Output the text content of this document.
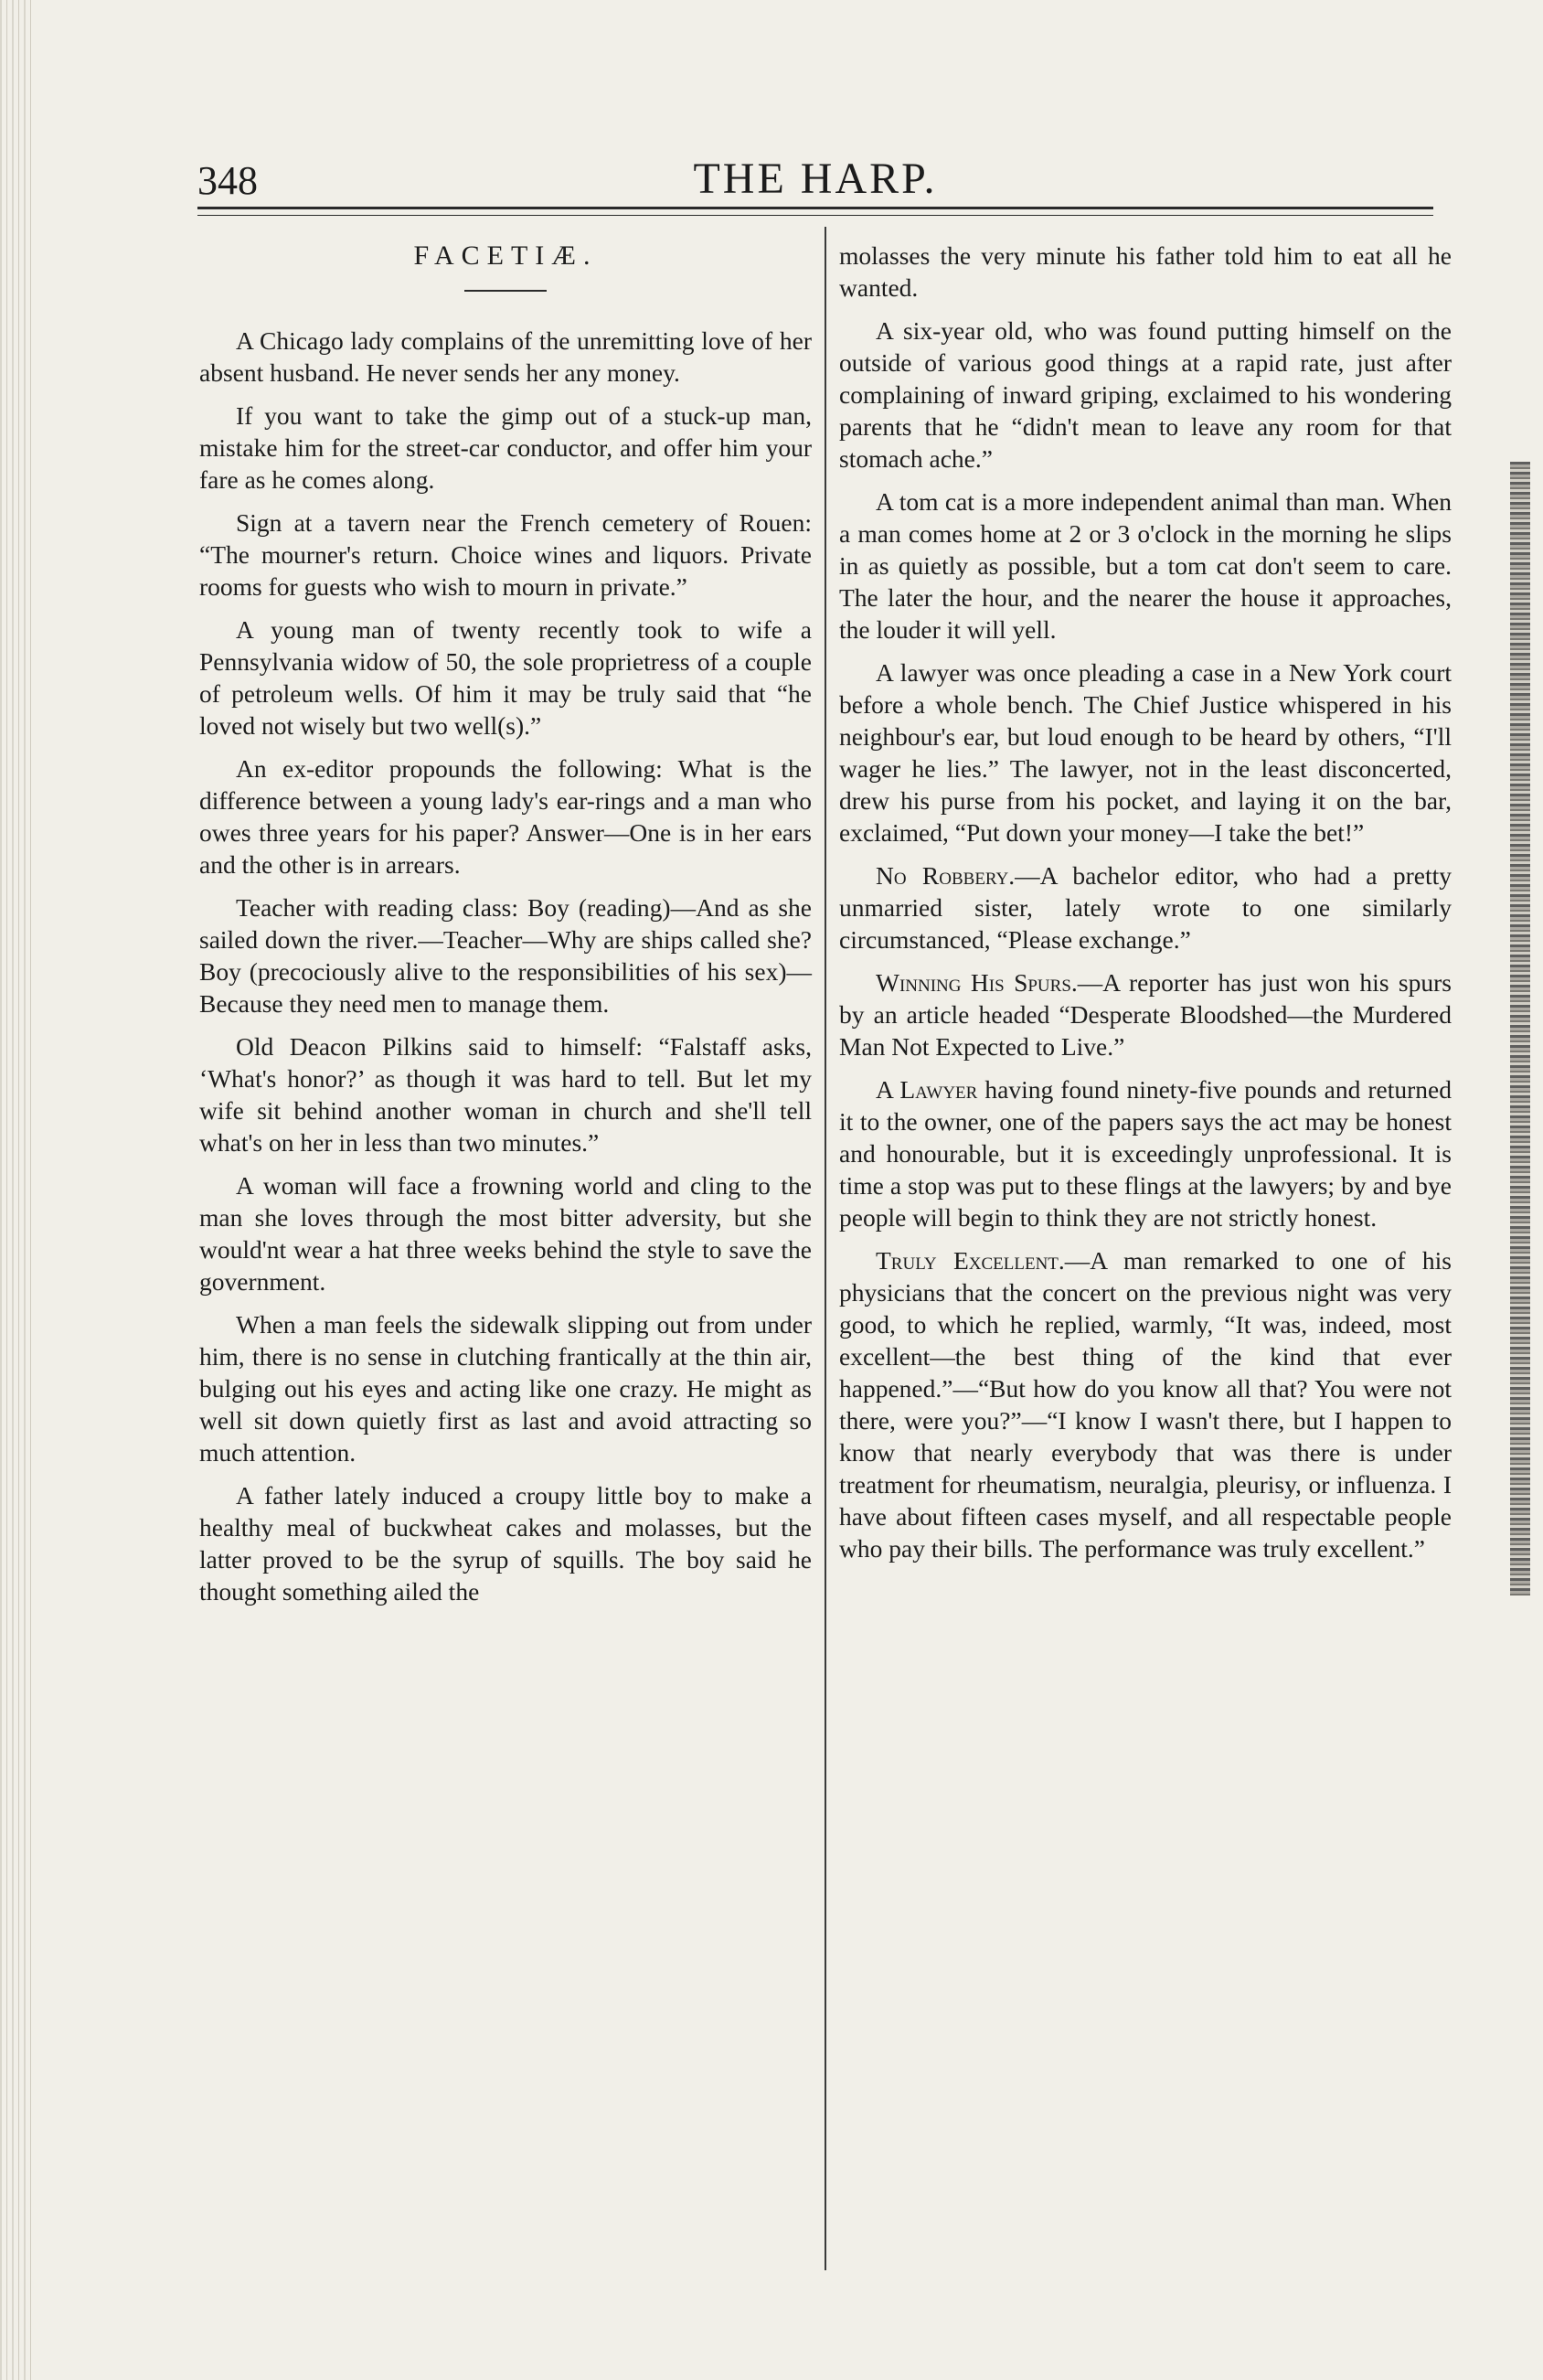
348	THE HARP.
FACETIÆ.

A Chicago lady complains of the unremitting love of her absent husband. He never sends her any money.

If you want to take the gimp out of a stuck-up man, mistake him for the street-car conductor, and offer him your fare as he comes along.

Sign at a tavern near the French cemetery of Rouen: “The mourner's return. Choice wines and liquors. Private rooms for guests who wish to mourn in private.”

A young man of twenty recently took to wife a Pennsylvania widow of 50, the sole proprietress of a couple of petroleum wells. Of him it may be truly said that “he loved not wisely but two well(s).”

An ex-editor propounds the following: What is the difference between a young lady's ear-rings and a man who owes three years for his paper? Answer—One is in her ears and the other is in arrears.

Teacher with reading class: Boy (reading)—And as she sailed down the river.—Teacher—Why are ships called she? Boy (precociously alive to the responsibilities of his sex)—Because they need men to manage them.

Old Deacon Pilkins said to himself: “Falstaff asks, ‘What's honor?’ as though it was hard to tell. But let my wife sit behind another woman in church and she'll tell what's on her in less than two minutes.”

A woman will face a frowning world and cling to the man she loves through the most bitter adversity, but she would'nt wear a hat three weeks behind the style to save the government.

When a man feels the sidewalk slipping out from under him, there is no sense in clutching frantically at the thin air, bulging out his eyes and acting like one crazy. He might as well sit down quietly first as last and avoid attracting so much attention.

A father lately induced a croupy little boy to make a healthy meal of buckwheat cakes and molasses, but the latter proved to be the syrup of squills. The boy said he thought something ailed the

molasses the very minute his father told him to eat all he wanted.

A six-year old, who was found putting himself on the outside of various good things at a rapid rate, just after complaining of inward griping, exclaimed to his wondering parents that he “didn't mean to leave any room for that stomach ache.”

A tom cat is a more independent animal than man. When a man comes home at 2 or 3 o'clock in the morning he slips in as quietly as possible, but a tom cat don't seem to care. The later the hour, and the nearer the house it approaches, the louder it will yell.

A lawyer was once pleading a case in a New York court before a whole bench. The Chief Justice whispered in his neighbour's ear, but loud enough to be heard by others, “I'll wager he lies.” The lawyer, not in the least disconcerted, drew his purse from his pocket, and laying it on the bar, exclaimed, “Put down your money—I take the bet!”

No Robbery.—A bachelor editor, who had a pretty unmarried sister, lately wrote to one similarly circumstanced, “Please exchange.”

Winning His Spurs.—A reporter has just won his spurs by an article headed “Desperate Bloodshed—the Murdered Man Not Expected to Live.”

A Lawyer having found ninety-five pounds and returned it to the owner, one of the papers says the act may be honest and honourable, but it is exceedingly unprofessional. It is time a stop was put to these flings at the lawyers; by and bye people will begin to think they are not strictly honest.

Truly Excellent.—A man remarked to one of his physicians that the concert on the previous night was very good, to which he replied, warmly, “It was, indeed, most excellent—the best thing of the kind that ever happened.”—“But how do you know all that? You were not there, were you?”—“I know I wasn't there, but I happen to know that nearly everybody that was there is under treatment for rheumatism, neuralgia, pleurisy, or influenza. I have about fifteen cases myself, and all respectable people who pay their bills. The performance was truly excellent.”
